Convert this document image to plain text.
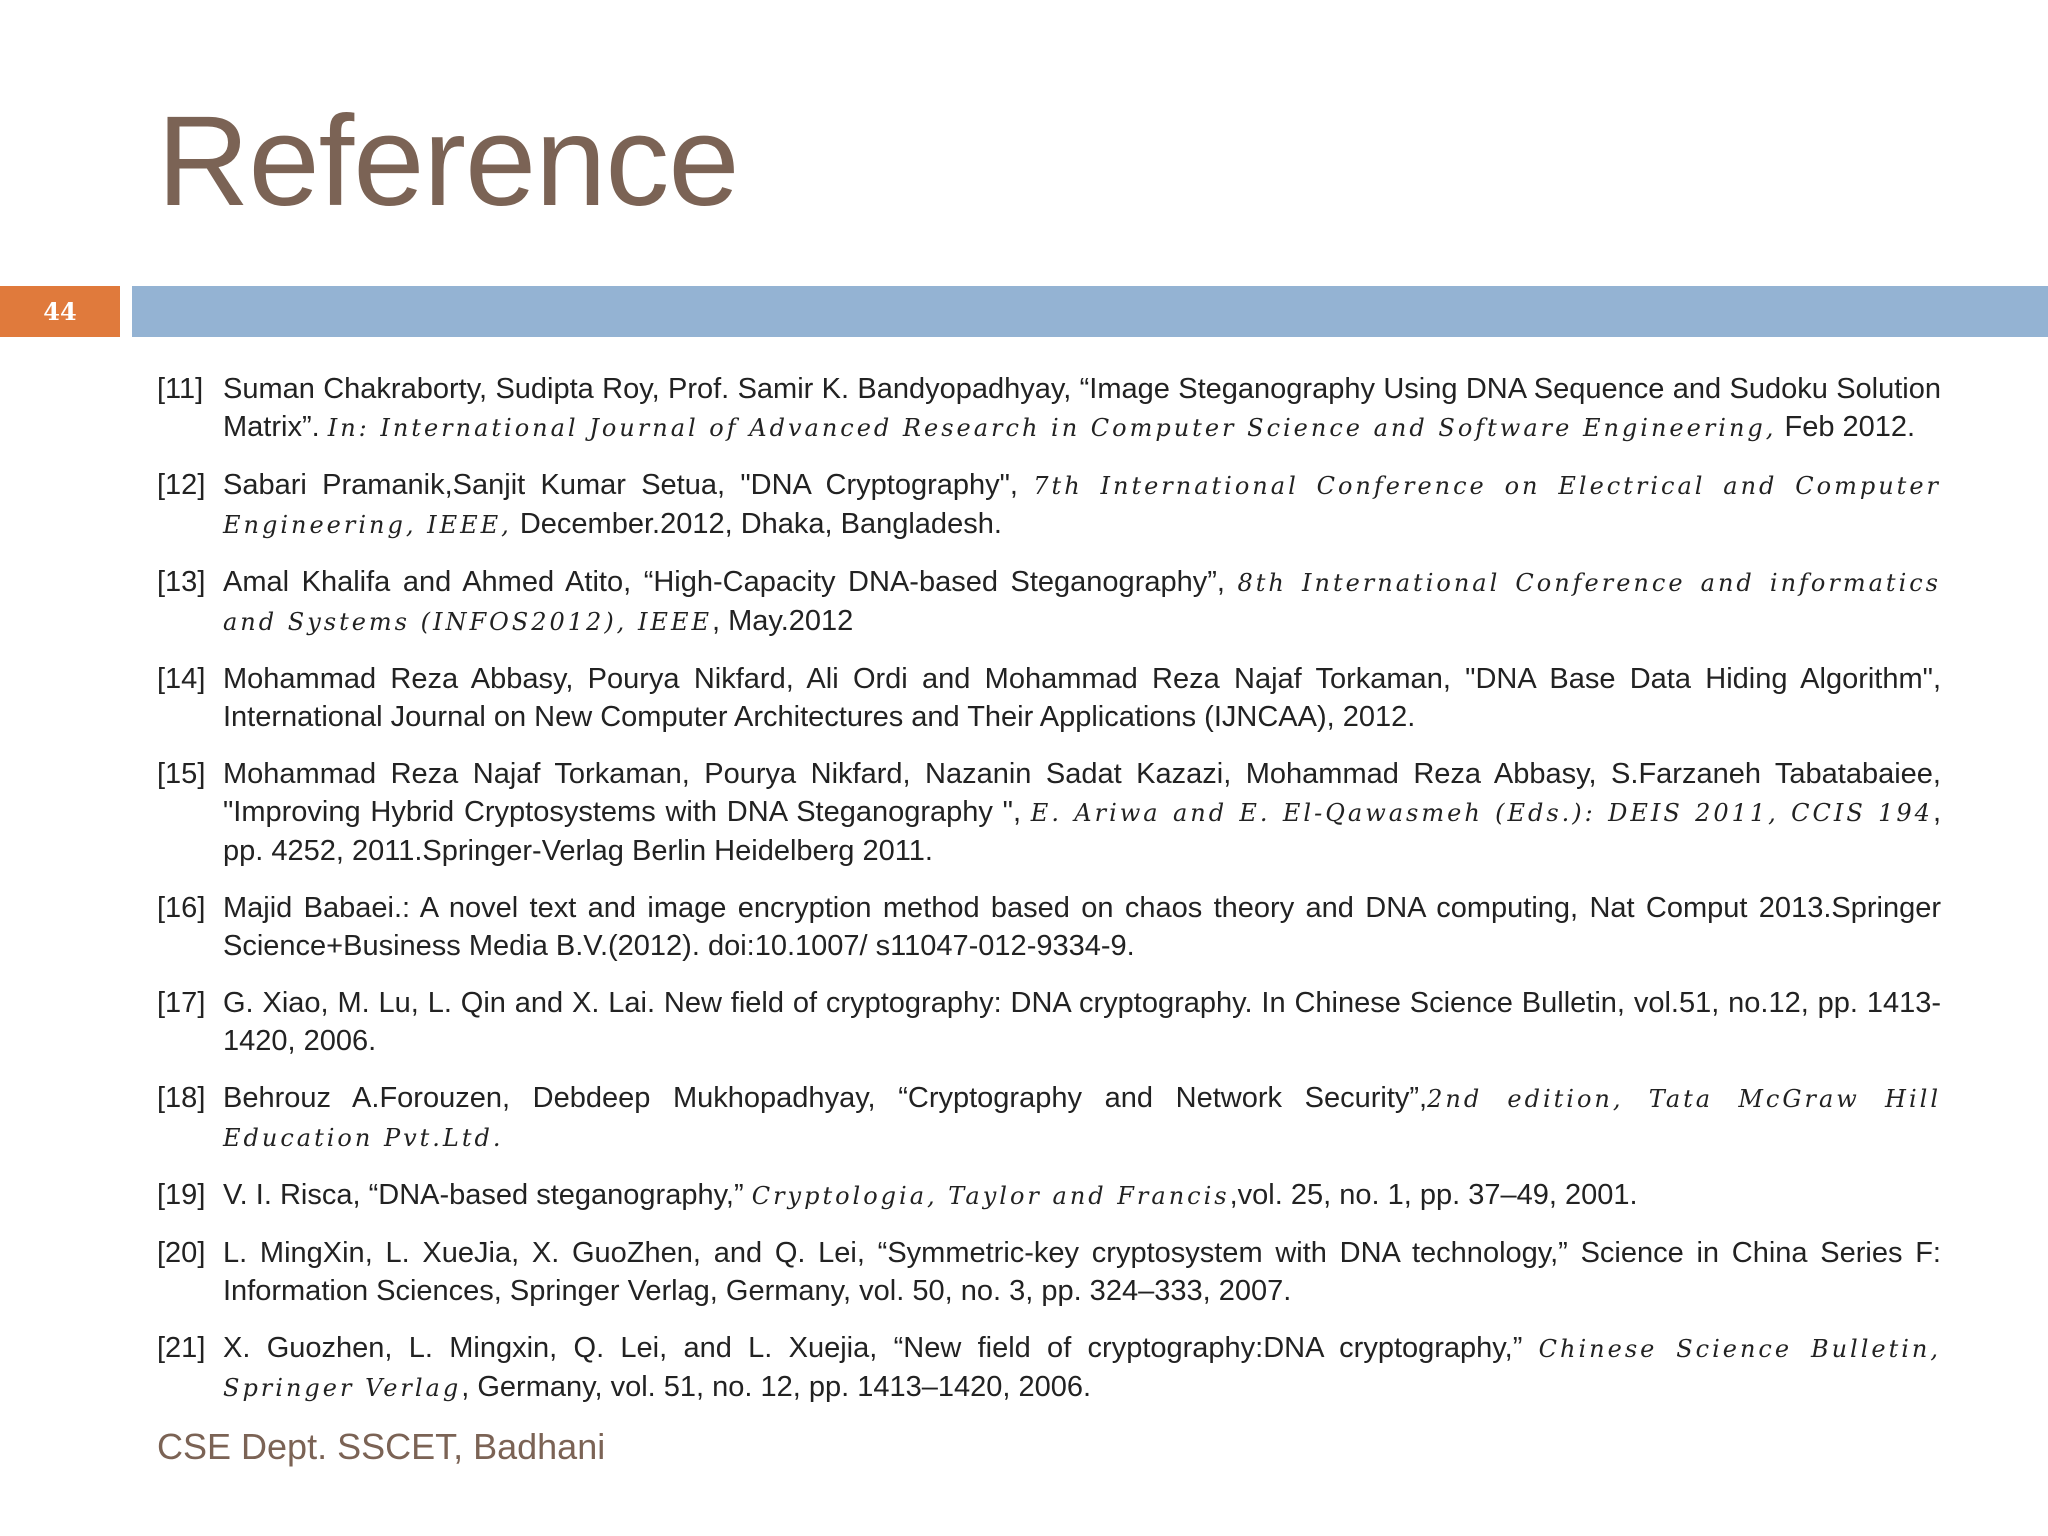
Reference
44

[11] Suman Chakraborty, Sudipta Roy, Prof. Samir K. Bandyopadhyay, “Image Steganography Using DNA Sequence and Sudoku Solution Matrix”. In: International Journal of Advanced Research in Computer Science and Software Engineering, Feb 2012.

[12] Sabari Pramanik,Sanjit Kumar Setua, "DNA Cryptography", 7th International Conference on Electrical and Computer Engineering, IEEE, December.2012, Dhaka, Bangladesh.

[13] Amal Khalifa and Ahmed Atito, “High-Capacity DNA-based Steganography”, 8th International Conference and informatics and Systems (INFOS2012), IEEE, May.2012

[14] Mohammad Reza Abbasy, Pourya Nikfard, Ali Ordi and Mohammad Reza Najaf Torkaman, "DNA Base Data Hiding Algorithm", International Journal on New Computer Architectures and Their Applications (IJNCAA), 2012.

[15] Mohammad Reza Najaf Torkaman, Pourya Nikfard, Nazanin Sadat Kazazi, Mohammad Reza Abbasy, S.Farzaneh Tabatabaiee, "Improving Hybrid Cryptosystems with DNA Steganography ", E. Ariwa and E. El-Qawasmeh (Eds.): DEIS 2011, CCIS 194, pp. 4252, 2011.Springer-Verlag Berlin Heidelberg 2011.

[16] Majid Babaei.: A novel text and image encryption method based on chaos theory and DNA computing, Nat Comput 2013.Springer Science+Business Media B.V.(2012). doi:10.1007/ s11047-012-9334-9.

[17] G. Xiao, M. Lu, L. Qin and X. Lai. New field of cryptography: DNA cryptography. In Chinese Science Bulletin, vol.51, no.12, pp. 1413-1420, 2006.

[18] Behrouz A.Forouzen, Debdeep Mukhopadhyay, “Cryptography and Network Security”,2nd edition, Tata McGraw Hill Education Pvt.Ltd.

[19] V. I. Risca, “DNA-based steganography,” Cryptologia, Taylor and Francis,vol. 25, no. 1, pp. 37–49, 2001.

[20] L. MingXin, L. XueJia, X. GuoZhen, and Q. Lei, “Symmetric-key cryptosystem with DNA technology,” Science in China Series F: Information Sciences, Springer Verlag, Germany, vol. 50, no. 3, pp. 324–333, 2007.

[21] X. Guozhen, L. Mingxin, Q. Lei, and L. Xuejia, “New field of cryptography:DNA cryptography,” Chinese Science Bulletin, Springer Verlag, Germany, vol. 51, no. 12, pp. 1413–1420, 2006.

CSE Dept. SSCET, Badhani
